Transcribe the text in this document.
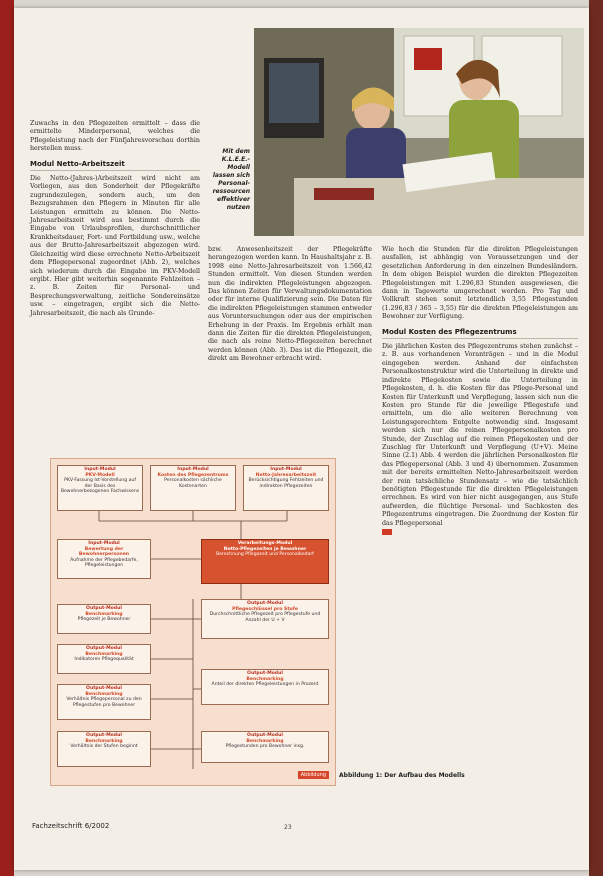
Mit dem K.L.E.E.-Modell lassen sich Personal-ressourcen effektiver nutzen

Zuwachs in den Pflegezeiten ermittelt – dass die ermittelte Minderpersonal, welches die Pflegeleistung nach der Fünfjahresvorschau dorthin herstellen muss.

Modul Netto-Arbeitszeit

Die Netto-(Jahres-)Arbeitszeit wird nicht am Vorliegen, aus den Sonderheit der Pflegekräfte zugrundezulegen, sondern auch, um den Bezugsrahmen den Pflegern in Minuten für alle Leistungen ermitteln zu können. Die Netto-Jahresarbeitszeit wird aus bestimmt durch die Eingabe von Urlaubsprofilen, durchschnittlicher Krankheitsdauer, Fort- und Fortbildung usw., welche aus der Brutto-Jahresarbeitszeit abgezogen wird. Gleichzeitig wird diese errechnete Netto-Arbeitszeit dem Pflegepersonal zugeordnet (Abb. 2), welches sich wiederum durch die Eingabe im PKV-Modell ergibt. Hier gibt weiterhin sogenannte Fehlzeiten – z. B. Zeiten für Personal- und Besprechungsverwaltung, zeitliche Sondereinsätze usw. – eingetragen, ergibt sich die Netto-Jahresarbeitszeit, die nach als Grunde-

bzw. Anwesenheitszeit der Pflegekräfte herangezogen werden kann. In Haushaltsjahr z. B. 1998 eine Netto-Jahresarbeitszeit von 1.566,42 Stunden ermittelt. Von diesen Stunden werden nun die indirekten Pflegeleistungen abgezogen. Das können Zeiten für Verwaltungsdokumentation oder für interne Qualifizierung sein. Die Daten für die indirekten Pflegeleistungen stammen entweder aus Voruntersuchungen oder aus der empirischen Erhebung in der Praxis. Im Ergebnis erhält man dann die Zeiten für die direkten Pflegeleistungen, die nach als reine Netto-Pflegezeiten berechnet werden können (Abb. 3). Das ist die Pflegezeit, die direkt am Bewohner erbracht wird.

Wie hoch die Stunden für die direkten Pflegeleistungen ausfallen, ist abhängig von Voraussetzungen und der gesetzlichen Anforderung in den einzelnen Bundesländern. In dem obigen Beispiel wurden die direkten Pflegezeiten Pflegeleistungen mit 1.296,83 Stunden ausgewiesen, die dann in Tagewerte umgerechnet werden. Pro Tag und Vollkraft stehen somit letztendlich 3,55 Pflegestunden (1.296,83 / 365 – 3,55) für die direkten Pflegeleistungen am Bewohner zur Verfügung.

Modul Kosten des Pflegezentrums

Die jährlichen Kosten des Pflegezentrums stehen zunächst – z. B. aus vorhandenen Voranträgen – und in die Modul eingegeben werden. Anhand der einfachsten Personalkostenstruktur wird die Unterteilung in direkte und indirekte Pflegekosten sowie die Unterteilung in Pflegekosten, d. h. die Kosten für das Pflege-Personal und Kosten für Unterkunft und Verpflegung, lassen sich nun die Kosten pro Stunde für die jeweilige Pflegestufe und ermitteln, um die alle weiteren Berechnung von Leistungsgerechtem Entgelte notwendig sind. Insgesamt werden sich nur die reinen Pflegepersonalkosten pro Stunde, der Zuschlag auf die reinen Pflegekosten und der Zuschlag für Unterkunft und Verpflegung (U+V). Meine Sinne (2.1) Abb. 4 werden die jährlichen Personalkosten für das Pflegepersonal (Abb. 3 und 4) übernommen. Zusammen mit der bereits ermittelten Netto-Jahresarbeitszeit werden der rein tatsächliche Stundensatz – wie die tatsächlich benötigten Pflegestunde für die direkten Pflegeleistungen errechnen. Es wird von hier nicht ausgegangen, aus Stufe aufwerden, die flüchtige Personal- und Sachkosten des Pflegezentrums eingetragen. Die Zuordnung der Kosten für das Pflegepersonal

Input-Modul
PKV-Modell
PKV-Fassung Ist-Vorstellung auf der Basis des Bewohnerbezogenen Fachwissens
Input-Modul
Kosten des Pflegezentrums
Personalkosten sächliche Kostenarten
Input-Modul
Netto-Jahresarbeitszeit
Berücksichtigung Fehlzeiten und indirekten Pflegezeiten
Input-Modul
Bewertung der Bewohnerpersonen
Aufnahme der Pflegebedarfe, Pflegeleistungen
Verarbeitungs-Modul
Netto-Pflegezeiten je Bewohner
Berechnung Pflegezeit und Personalbedarf
Output-Modul
Benchmarking
Pflegezeit je Bewohner
Output-Modul
Benchmarking
Indikatoren Pflegequalität
Output-Modul
Benchmarking
Verhältnis Pflegepersonal zu den Pflegestufen pro Bewohner
Output-Modul
Benchmarking
Verhältnis der Stufen beginnt
Output-Modul
Pflegeschlüssel pro Stufe
Durchschnittliche Pflegezeit pro Pflegestufe und Anzahl der U + V
Output-Modul
Benchmarking
Anteil der direkten Pflegeleistungen in Prozent
Output-Modul
Benchmarking
Pflegestunden pro Bewohner insg.
Abbildung	Abbildung 1: Der Aufbau des Modells
Fachzeitschrift 6/2002	23
